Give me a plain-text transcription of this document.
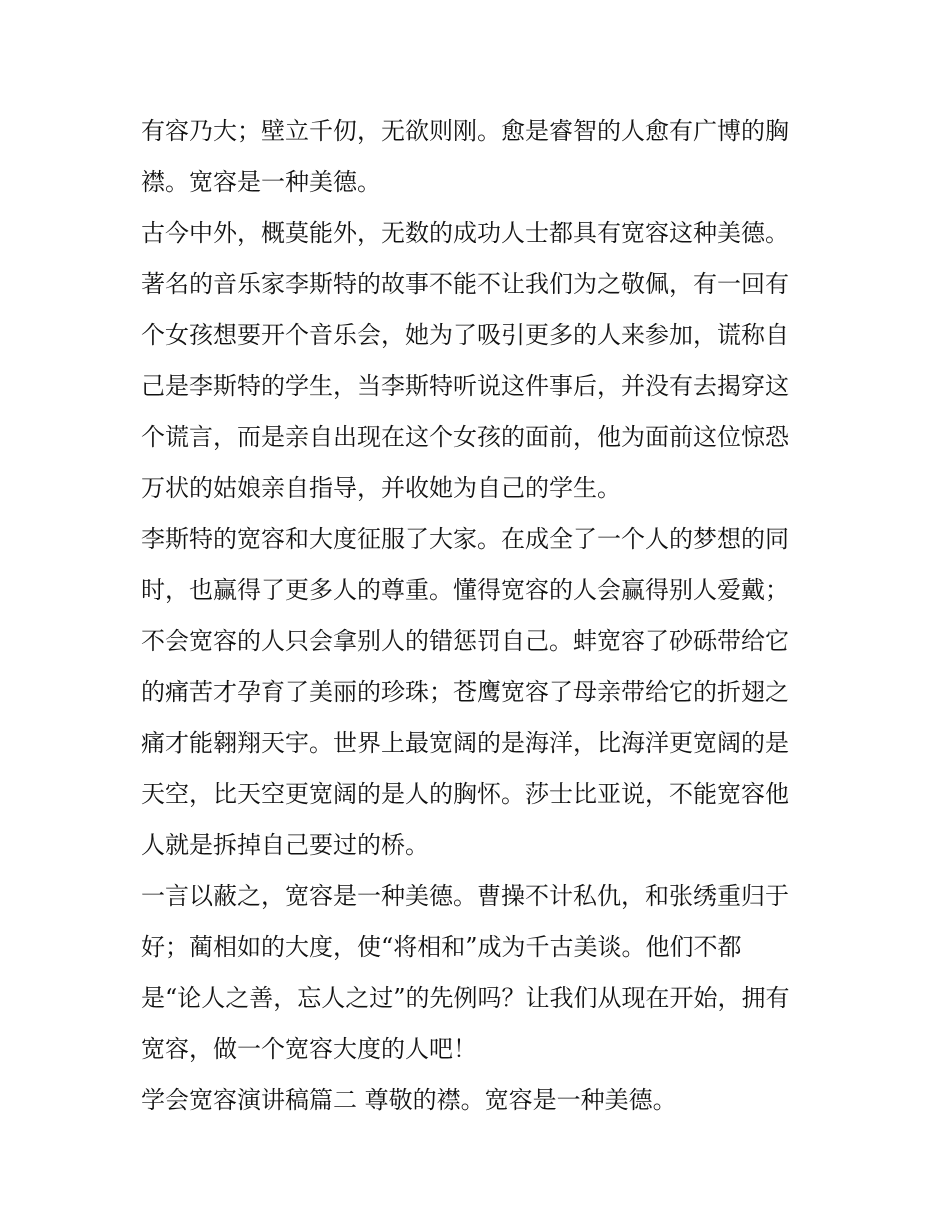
有容乃大；壁立千仞，无欲则刚。愈是睿智的人愈有广博的胸
襟。宽容是一种美德。
古今中外，概莫能外，无数的成功人士都具有宽容这种美德。
著名的音乐家李斯特的故事不能不让我们为之敬佩，有一回有
个女孩想要开个音乐会，她为了吸引更多的人来参加，谎称自
己是李斯特的学生，当李斯特听说这件事后，并没有去揭穿这
个谎言，而是亲自出现在这个女孩的面前，他为面前这位惊恐
万状的姑娘亲自指导，并收她为自己的学生。
李斯特的宽容和大度征服了大家。在成全了一个人的梦想的同
时，也赢得了更多人的尊重。懂得宽容的人会赢得别人爱戴；
不会宽容的人只会拿别人的错惩罚自己。蚌宽容了砂砾带给它
的痛苦才孕育了美丽的珍珠；苍鹰宽容了母亲带给它的折翅之
痛才能翱翔天宇。世界上最宽阔的是海洋，比海洋更宽阔的是
天空，比天空更宽阔的是人的胸怀。莎士比亚说，不能宽容他
人就是拆掉自己要过的桥。
一言以蔽之，宽容是一种美德。曹操不计私仇，和张绣重归于
好；蔺相如的大度，使“将相和”成为千古美谈。他们不都
是“论人之善，忘人之过”的先例吗？让我们从现在开始，拥有
宽容，做一个宽容大度的人吧！
学会宽容演讲稿篇二 尊敬的襟。宽容是一种美德。
